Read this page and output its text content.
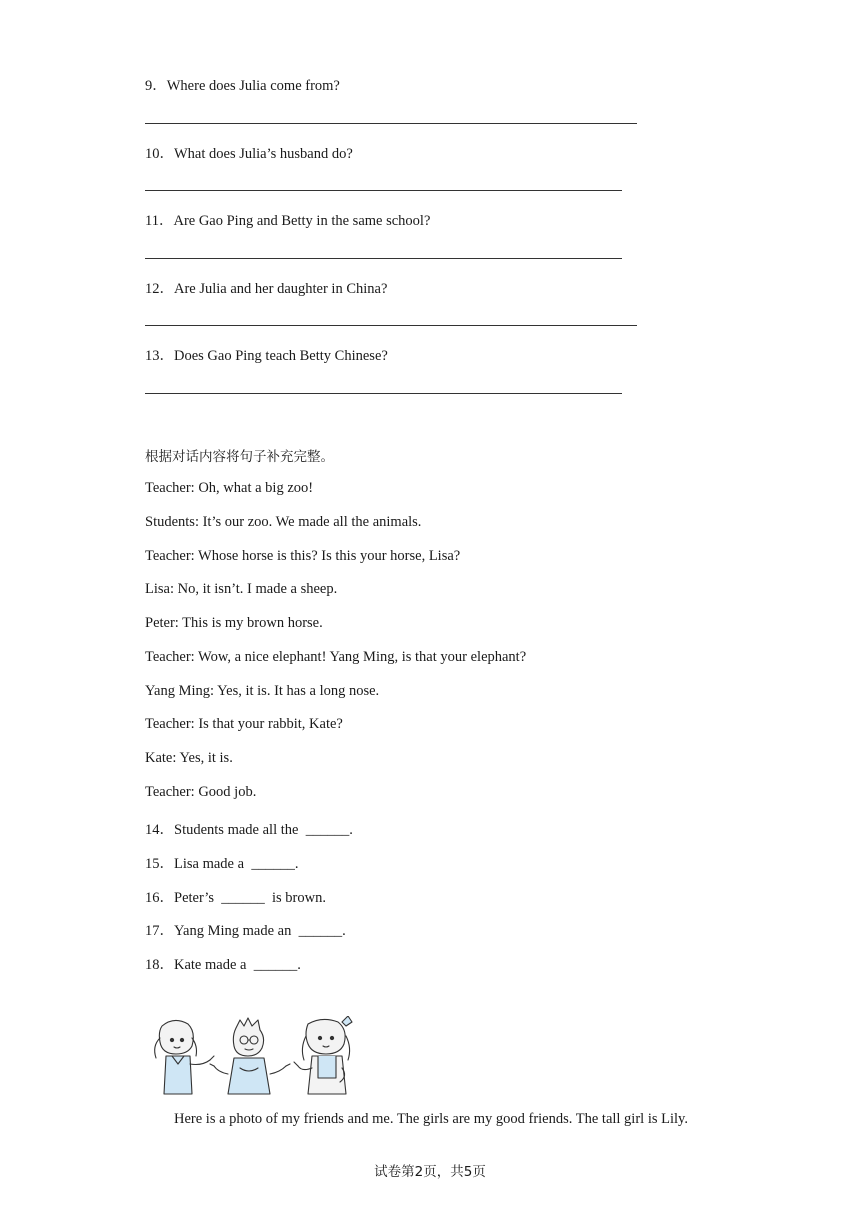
9．Where does Julia come from?
10．What does Julia’s husband do?
11．Are Gao Ping and Betty in the same school?
12．Are Julia and her daughter in China?
13．Does Gao Ping teach Betty Chinese?
根据对话内容将句子补充完整。
Teacher: Oh, what a big zoo!
Students: It’s our zoo. We made all the animals.
Teacher: Whose horse is this? Is this your horse, Lisa?
Lisa: No, it isn’t. I made a sheep.
Peter: This is my brown horse.
Teacher: Wow, a nice elephant! Yang Ming, is that your elephant?
Yang Ming: Yes, it is. It has a long nose.
Teacher: Is that your rabbit, Kate?
Kate: Yes, it is.
Teacher: Good job.
14．Students made all the ______.
15．Lisa made a ______.
16．Peter’s ______ is brown.
17．Yang Ming made an ______.
18．Kate made a ______.
Here is a photo of my friends and me. The girls are my good friends. The tall girl is Lily.
试卷第2页，共5页
